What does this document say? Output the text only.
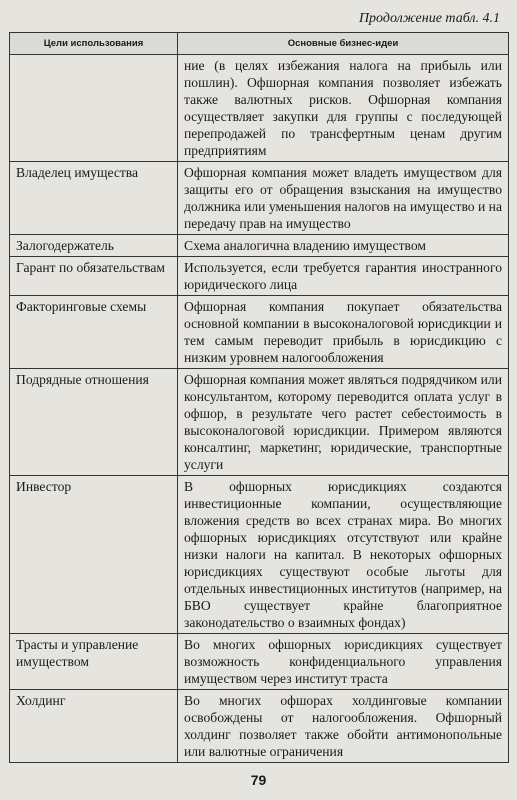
Продолжение табл. 4.1
Цели использования	Основные бизнес-идеи
	ние (в целях избежания налога на прибыль или пошлин). Офшорная компания позволяет избежать также валютных рисков. Офшорная компания осуществляет закупки для группы с последующей перепродажей по трансфертным ценам другим предприятиям
Владелец имущества	Офшорная компания может владеть имуществом для защиты его от обращения взыскания на имущество должника или уменьшения налогов на имущество и на передачу прав на имущество
Залогодержатель	Схема аналогична владению имуществом
Гарант по обязательствам	Используется, если требуется гарантия иностранного юридического лица
Факторинговые схемы	Офшорная компания покупает обязательства основной компании в высоконалоговой юрисдикции и тем самым переводит прибыль в юрисдикцию с низким уровнем налогообложения
Подрядные отношения	Офшорная компания может являться подрядчиком или консультантом, которому переводится оплата услуг в офшор, в результате чего растет себестоимость в высоконалоговой юрисдикции. Примером являются консалтинг, маркетинг, юридические, транспортные услуги
Инвестор	В офшорных юрисдикциях создаются инвестиционные компании, осуществляющие вложения средств во всех странах мира. Во многих офшорных юрисдикциях отсутствуют или крайне низки налоги на капитал. В некоторых офшорных юрисдикциях существуют особые льготы для отдельных инвестиционных институтов (например, на БВО существует крайне благоприятное законодательство о взаимных фондах)
Трасты и управление имуществом	Во многих офшорных юрисдикциях существует возможность конфиденциального управления имуществом через институт траста
Холдинг	Во многих офшорах холдинговые компании освобождены от налогообложения. Офшорный холдинг позволяет также обойти антимонопольные или валютные ограничения
79
